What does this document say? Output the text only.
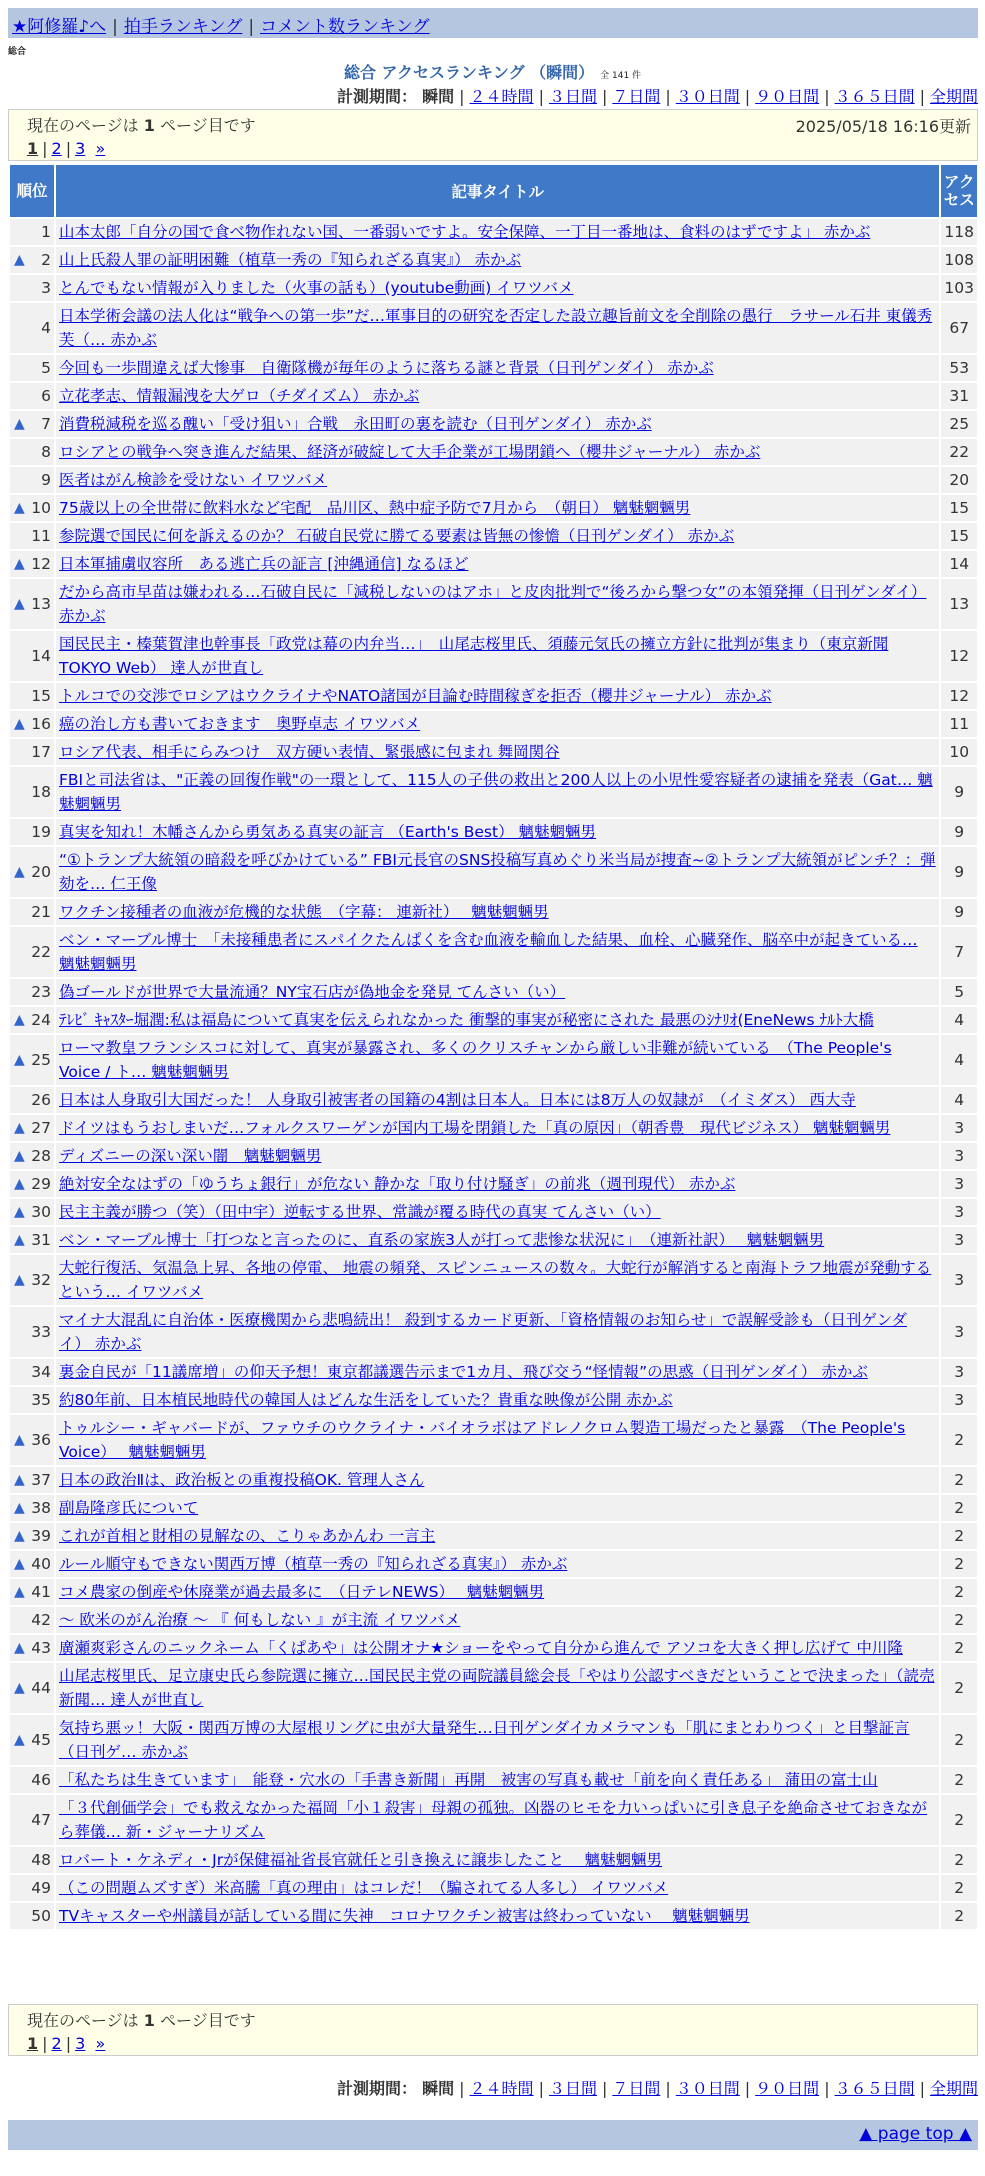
★阿修羅♪へ | 拍手ランキング | コメント数ランキング
総合
総合 アクセスランキング （瞬間） 全 141 件
計測期間： 瞬間 | ２４時間 | ３日間 | ７日間 | ３０日間 | ９０日間 | ３６５日間 | 全期間
現在のページは 1 ページ目です	2025/05/18 16:16更新
1 | 2 | 3 »
順位	記事タイトル	アクセス
1	山本太郎「自分の国で食べ物作れない国、一番弱いですよ。安全保障、一丁目一番地は、食料のはずですよ」 赤かぶ	118

▲ 2	山上氏殺人罪の証明困難（植草一秀の『知られざる真実』） 赤かぶ	108
3	とんでもない情報が入りました（火事の話も）(youtube動画) イワツバメ	103
4	日本学術会議の法人化は“戦争への第一歩”だ…軍事目的の研究を否定した設立趣旨前文を全削除の愚行　ラサール石井 東儀秀芙（… 赤かぶ	67
5	今回も一歩間違えば大惨事　自衛隊機が毎年のように落ちる謎と背景（日刊ゲンダイ） 赤かぶ	53
6	立花孝志、情報漏洩を大ゲロ（チダイズム） 赤かぶ	31

▲ 7	消費税減税を巡る醜い「受け狙い」合戦　永田町の裏を読む（日刊ゲンダイ） 赤かぶ	25
8	ロシアとの戦争へ突き進んだ結果、経済が破綻して大手企業が工場閉鎖へ（櫻井ジャーナル） 赤かぶ	22
9	医者はがん検診を受けない イワツバメ	20

▲ 10	75歳以上の全世帯に飲料水など宅配　品川区、熱中症予防で7月から　（朝日） 魑魅魍魎男	15
11	参院選で国民に何を訴えるのか？ 石破自民党に勝てる要素は皆無の惨憺（日刊ゲンダイ） 赤かぶ	15

▲ 12	日本軍捕虜収容所　ある逃亡兵の証言 [沖縄通信] なるほど	14

▲ 13	だから高市早苗は嫌われる…石破自民に「減税しないのはアホ」と皮肉批判で“後ろから撃つ女”の本領発揮（日刊ゲンダイ） 赤かぶ	13
14	国民民主・榛葉賀津也幹事長「政党は幕の内弁当…」　山尾志桜里氏、須藤元気氏の擁立方針に批判が集まり（東京新聞 TOKYO Web） 達人が世直し	12
15	トルコでの交渉でロシアはウクライナやNATO諸国が目論む時間稼ぎを拒否（櫻井ジャーナル） 赤かぶ	12

▲ 16	癌の治し方も書いておきます　奥野卓志 イワツバメ	11
17	ロシア代表、相手にらみつけ　双方硬い表情、緊張感に包まれ 舞岡関谷	10
18	FBIと司法省は、"正義の回復作戦"の一環として、115人の子供の救出と200人以上の小児性愛容疑者の逮捕を発表（Gat… 魑魅魍魎男	9
19	真実を知れ！木幡さんから勇気ある真実の証言 （Earth's Best） 魑魅魍魎男	9

▲ 20	“①トランプ大統領の暗殺を呼びかけている” FBI元長官のSNS投稿写真めぐり米当局が捜査~②トランプ大統領がピンチ？：弾劾を… 仁王像	9
21	ワクチン接種者の血液が危機的な状態　（字幕： 連新社）　 魑魅魍魎男	9
22	ベン・マーブル博士　「未接種患者にスパイクたんぱくを含む血液を輸血した結果、血栓、心臓発作、脳卒中が起きている… 魑魅魍魎男	7
23	偽ゴールドが世界で大量流通？NY宝石店が偽地金を発見 てんさい（い）	5

▲ 24	ﾃﾚﾋﾞ ｷｬｽﾀｰ堀潤:私は福島について真実を伝えられなかった 衝撃的事実が秘密にされた 最悪のｼﾅﾘｵ(EneNews ﾅﾙﾄ大橋	4

▲ 25	ローマ教皇フランシスコに対して、真実が暴露され、多くのクリスチャンから厳しい非難が続いている　（The People's Voice / ト… 魑魅魍魎男	4
26	日本は人身取引大国だった！ 人身取引被害者の国籍の4割は日本人。日本には8万人の奴隷が　（イミダス） 西大寺	4

▲ 27	ドイツはもうおしまいだ…フォルクスワーゲンが国内工場を閉鎖した「真の原因」（朝香豊　現代ビジネス） 魑魅魍魎男	3

▲ 28	ディズニーの深い深い闇　魑魅魍魎男	3

▲ 29	絶対安全なはずの「ゆうちょ銀行」が危ない 静かな「取り付け騒ぎ」の前兆（週刊現代） 赤かぶ	3

▲ 30	民主主義が勝つ（笑）（田中宇）逆転する世界、常識が覆る時代の真実 てんさい（い）	3

▲ 31	ベン・マーブル博士「打つなと言ったのに、直系の家族3人が打って悲惨な状況に」　（連新社訳）　 魑魅魍魎男	3

▲ 32	大蛇行復活、気温急上昇、各地の停電、 地震の頻発、スピンニュースの数々。大蛇行が解消すると南海トラフ地震が発動するという… イワツバメ	3
33	マイナ大混乱に自治体・医療機関から悲鳴続出！ 殺到するカード更新、「資格情報のお知らせ」で誤解受診も（日刊ゲンダイ） 赤かぶ	3
34	裏金自民が「11議席増」の仰天予想！東京都議選告示まで1カ月、飛び交う“怪情報”の思惑（日刊ゲンダイ） 赤かぶ	3
35	約80年前、日本植民地時代の韓国人はどんな生活をしていた？貴重な映像が公開 赤かぶ	3

▲ 36	トゥルシー・ギャバードが、ファウチのウクライナ・バイオラボはアドレノクロム製造工場だったと暴露　（The People's Voice）　 魑魅魍魎男	2

▲ 37	日本の政治Ⅱは、政治板との重複投稿OK. 管理人さん	2

▲ 38	副島隆彦氏について	2

▲ 39	これが首相と財相の見解なの、こりゃあかんわ 一言主	2

▲ 40	ルール順守もできない関西万博（植草一秀の『知られざる真実』） 赤かぶ	2

▲ 41	コメ農家の倒産や休廃業が過去最多に　（日テレNEWS）　 魑魅魍魎男	2
42	～ 欧米のがん治療 ～ 『 何もしない 』が主流 イワツバメ	2

▲ 43	廣瀬爽彩さんのニックネーム「くぱあや」は公開オナ★ショーをやって自分から進んで アソコを大きく押し広げて 中川隆	2

▲ 44	山尾志桜里氏、足立康史氏ら参院選に擁立…国民民主党の両院議員総会長「やはり公認すべきだということで決まった」（読売新聞… 達人が世直し	2

▲ 45	気持ち悪ッ！大阪・関西万博の大屋根リングに虫が大量発生…日刊ゲンダイカメラマンも「肌にまとわりつく」と目撃証言（日刊ゲ… 赤かぶ	2
46	「私たちは生きています」　能登・穴水の「手書き新聞」再開　被害の写真も載せ「前を向く責任ある」 蒲田の富士山	2
47	「３代創価学会」でも救えなかった福岡「小１殺害」母親の孤独。凶器のヒモを力いっぱいに引き息子を絶命させておきながら葬儀… 新・ジャーナリズム	2
48	ロバート・ケネディ・Jrが保健福祉省長官就任と引き換えに譲歩したこと　 魑魅魍魎男	2
49	（この問題ムズすぎ）米高騰「真の理由」はコレだ！（騙されてる人多し） イワツバメ	2
50	TVキャスターや州議員が話している間に失神　コロナワクチン被害は終わっていない　 魑魅魍魎男	2
現在のページは 1 ページ目です
1 | 2 | 3 »
計測期間： 瞬間 | ２４時間 | ３日間 | ７日間 | ３０日間 | ９０日間 | ３６５日間 | 全期間
▲ page top ▲
